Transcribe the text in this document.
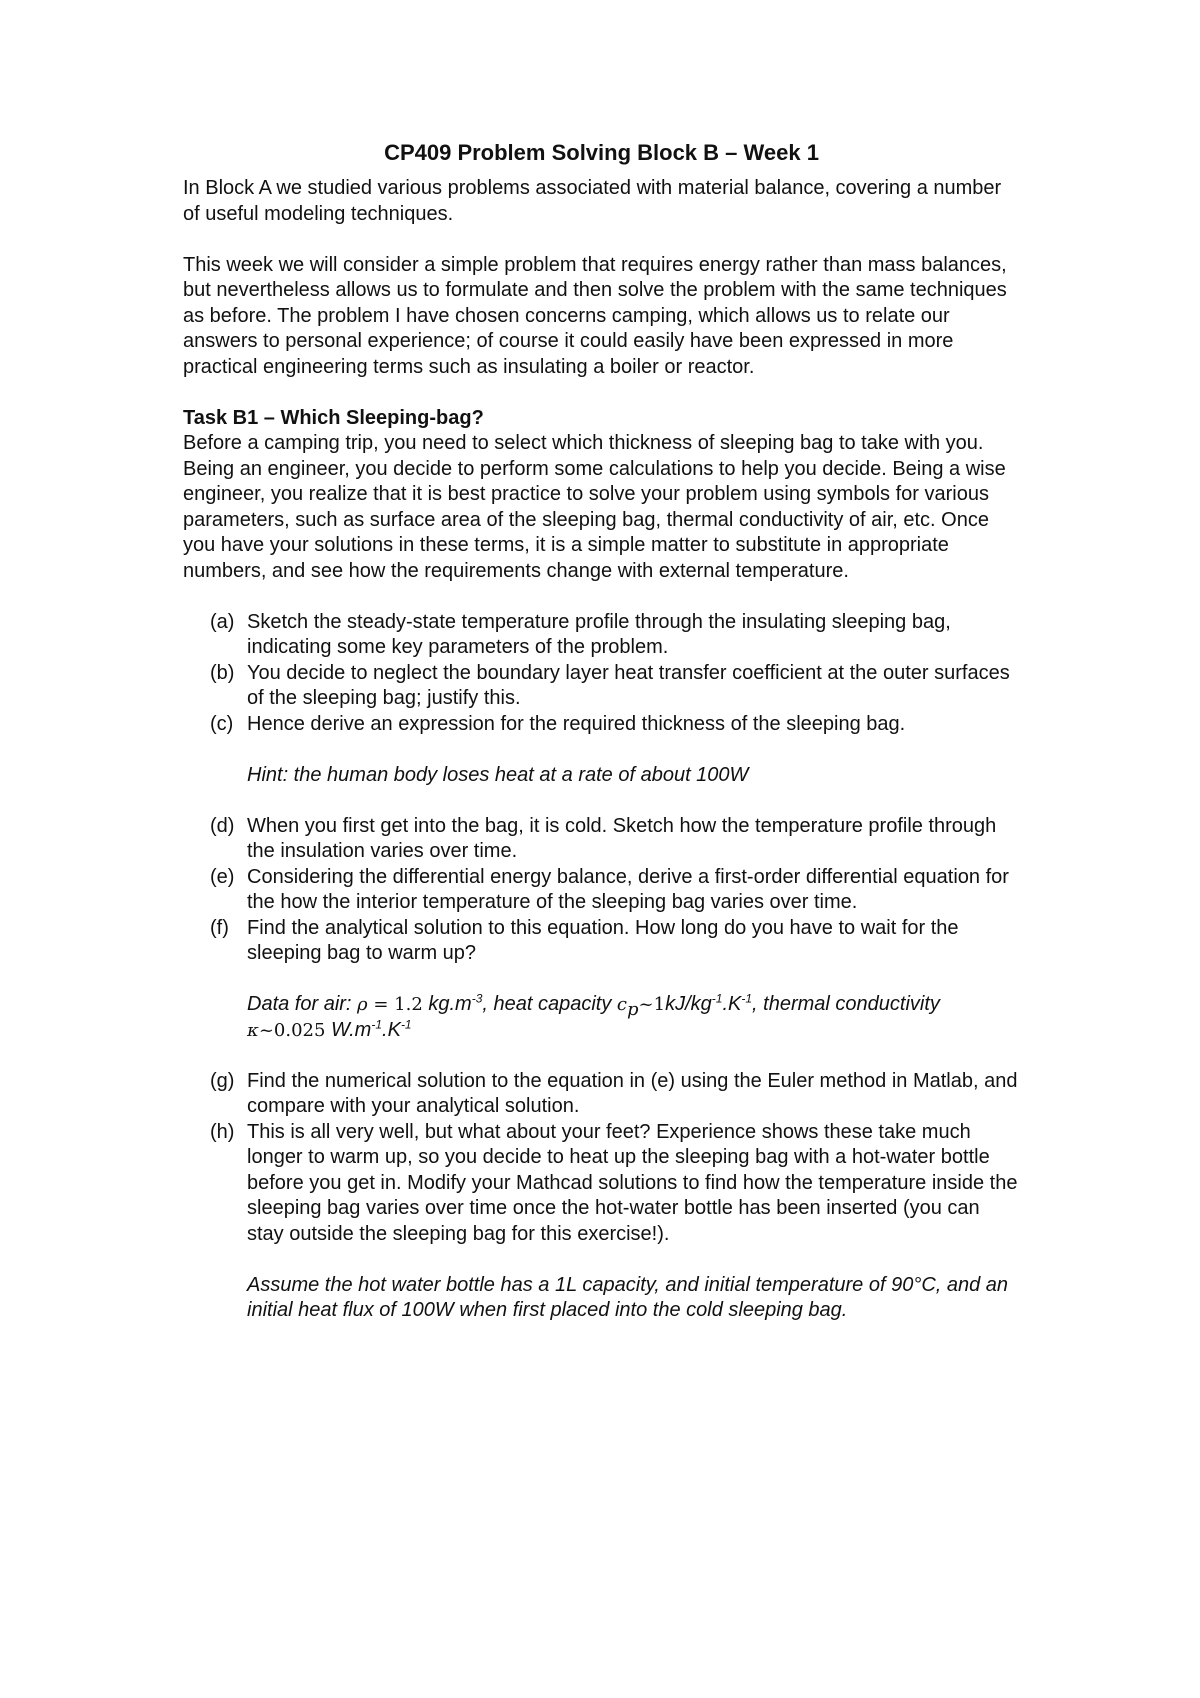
CP409 Problem Solving Block B – Week 1

In Block A we studied various problems associated with material balance, covering a number of useful modeling techniques.

This week we will consider a simple problem that requires energy rather than mass balances, but nevertheless allows us to formulate and then solve the problem with the same techniques as before. The problem I have chosen concerns camping, which allows us to relate our answers to personal experience; of course it could easily have been expressed in more practical engineering terms such as insulating a boiler or reactor.

Task B1 – Which Sleeping-bag?

Before a camping trip, you need to select which thickness of sleeping bag to take with you. Being an engineer, you decide to perform some calculations to help you decide. Being a wise engineer, you realize that it is best practice to solve your problem using symbols for various parameters, such as surface area of the sleeping bag, thermal conductivity of air, etc. Once you have your solutions in these terms, it is a simple matter to substitute in appropriate numbers, and see how the requirements change with external temperature.

(a) Sketch the steady-state temperature profile through the insulating sleeping bag, indicating some key parameters of the problem.
(b) You decide to neglect the boundary layer heat transfer coefficient at the outer surfaces of the sleeping bag; justify this.
(c) Hence derive an expression for the required thickness of the sleeping bag.
Hint: the human body loses heat at a rate of about 100W
(d) When you first get into the bag, it is cold. Sketch how the temperature profile through the insulation varies over time.
(e) Considering the differential energy balance, derive a first-order differential equation for the how the interior temperature of the sleeping bag varies over time.
(f) Find the analytical solution to this equation. How long do you have to wait for the sleeping bag to warm up?
Data for air: ρ = 1.2 $kg.m^{-3}$, heat capacity $c_p\sim 1kJ/kg^{-1}.K^{-1}$, thermal conductivity
κ~0.025 $W.m^{-1}.K^{-1}$
(g) Find the numerical solution to the equation in (e) using the Euler method in Matlab, and compare with your analytical solution.
(h) This is all very well, but what about your feet? Experience shows these take much longer to warm up, so you decide to heat up the sleeping bag with a hot-water bottle before you get in. Modify your Mathcad solutions to find how the temperature inside the sleeping bag varies over time once the hot-water bottle has been inserted (you can stay outside the sleeping bag for this exercise!).
Assume the hot water bottle has a 1L capacity, and initial temperature of 90°C, and an initial heat flux of 100W when first placed into the cold sleeping bag.
